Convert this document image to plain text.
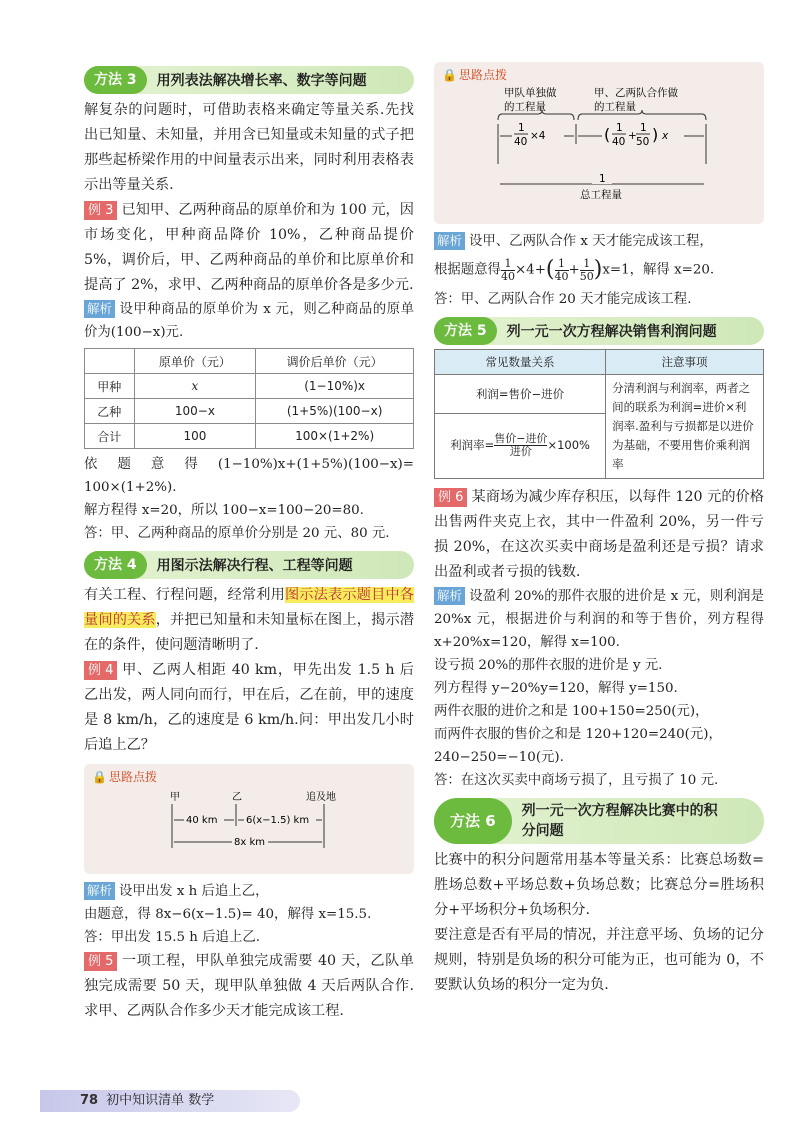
方法 3	用列表法解决增长率、数字等问题

解复杂的问题时，可借助表格来确定等量关系.先找出已知量、未知量，并用含已知量或未知量的式子把那些起桥梁作用的中间量表示出来，同时利用表格表示出等量关系.

例 3 已知甲、乙两种商品的原单价和为 100 元，因市场变化，甲种商品降价 10%，乙种商品提价 5%，调价后，甲、乙两种商品的单价和比原单价和提高了 2%，求甲、乙两种商品的原单价各是多少元.

解析 设甲种商品的原单价为 x 元，则乙种商品的原单价为(100−x)元.

	原单价（元）	调价后单价（元）
甲种	x	(1−10%)x
乙种	100−x	(1+5%)(100−x)
合计	100	100×(1+2%)

依题意得(1−10%)x+(1+5%)(100−x)= 100×(1+2%).

解方程得 x=20，所以 100−x=100−20=80.

答：甲、乙两种商品的原单价分别是 20 元、80 元.

方法 4	用图示法解决行程、工程等问题

有关工程、行程问题，经常利用图示法表示题目中各量间的关系，并把已知量和未知量标在图上，揭示潜在的条件，使问题清晰明了.

例 4 甲、乙两人相距 40 km，甲先出发 1.5 h 后乙出发，两人同向而行，甲在后，乙在前，甲的速度是 8 km/h，乙的速度是 6 km/h.问：甲出发几小时后追上乙？

🔒 思路点拨
甲	乙	追及地
40 km	6(x−1.5) km
8x km

解析 设甲出发 x h 后追上乙，

由题意，得 8x−6(x−1.5)= 40，解得 x=15.5.

答：甲出发 15.5 h 后追上乙.

例 5 一项工程，甲队单独完成需要 40 天，乙队单独完成需要 50 天，现甲队单独做 4 天后两队合作.求甲、乙两队合作多少天才能完成该工程.

🔒 思路点拨
甲队单独做
的工程量
甲、乙两队合作做
的工程量
1
40 ×4	( 1
40 +
1
50 ) x
1
总工程量

解析 设甲、乙两队合作 x 天才能完成该工程，

根据题意得 $\frac{1}{40} \times 4+( \frac{1}{40} + \frac{1}{50} )x=1$，解得 x=20.

答：甲、乙两队合作 20 天才能完成该工程.

方法 5	列一元一次方程解决销售利润问题
常见数量关系	注意事项
利润=售价−进价	分清利润与利润率，两者之间的联系为利润=进价×利润率.盈利与亏损都是以进价为基础，不要用售价乘利润率
利润率= $\frac{\text{售价−进价}}{\text{进价}} \times 100\%$	

例 6 某商场为减少库存积压，以每件 120 元的价格出售两件夹克上衣，其中一件盈利 20%，另一件亏损 20%，在这次买卖中商场是盈利还是亏损？请求出盈利或者亏损的钱数.

解析 设盈利 20%的那件衣服的进价是 x 元，则利润是 20%x 元，根据进价与利润的和等于售价，列方程得 x+20%x=120，解得 x=100.

设亏损 20%的那件衣服的进价是 y 元.

列方程得 y−20%y=120，解得 y=150.

两件衣服的进价之和是 100+150=250(元)，

而两件衣服的售价之和是 120+120=240(元)，

240−250=−10(元).

答：在这次买卖中商场亏损了，且亏损了 10 元.

方法 6
列一元一次方程解决比赛中的积
分问题

比赛中的积分问题常用基本等量关系：比赛总场数=胜场总数+平场总数+负场总数；比赛总分=胜场积分+平场积分+负场积分.

要注意是否有平局的情况，并注意平场、负场的记分规则，特别是负场的积分可能为正，也可能为 0，不要默认负场的积分一定为负.

78 初中知识清单 数学
